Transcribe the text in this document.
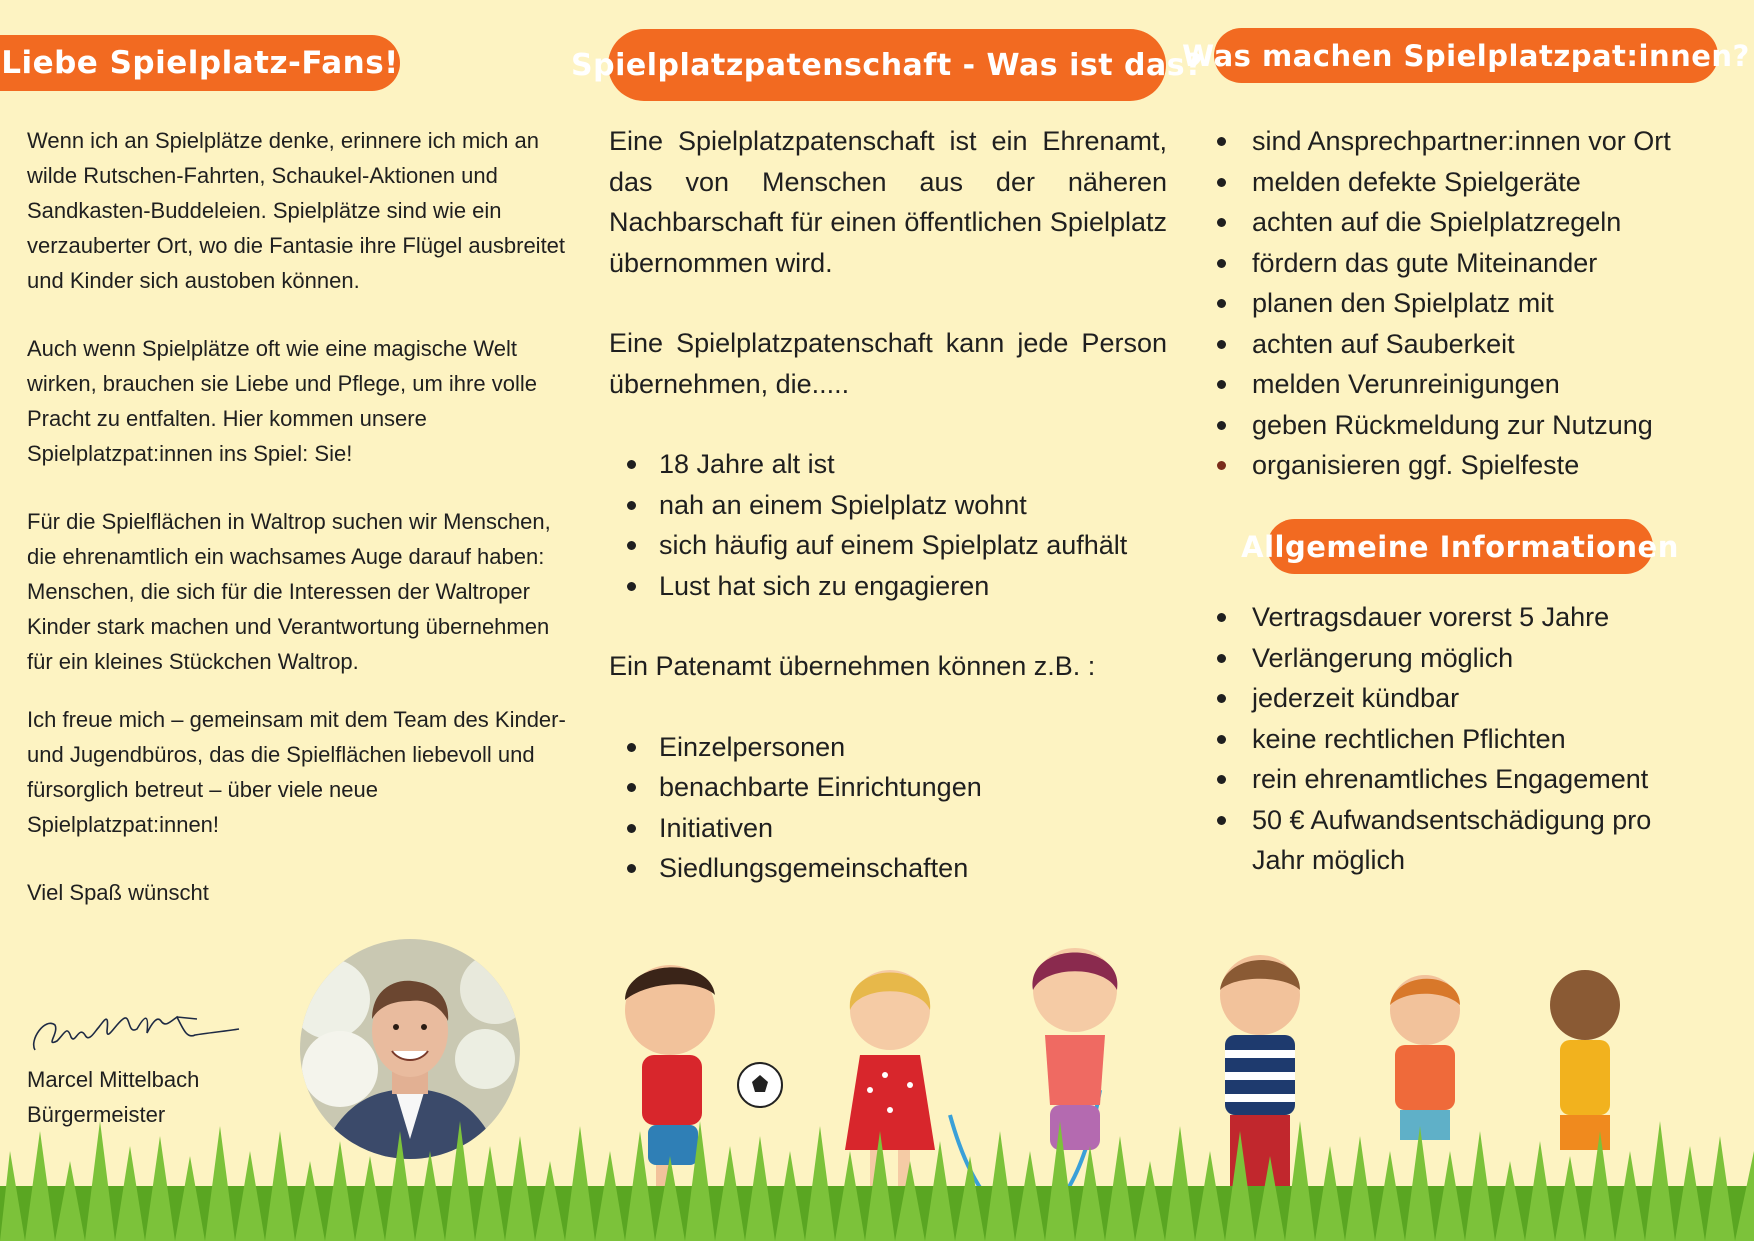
Liebe Spielplatz-Fans!

Wenn ich an Spielplätze denke, erinnere ich mich an wilde Rutschen-Fahrten, Schaukel-Aktionen und Sandkasten-Buddeleien. Spielplätze sind wie ein verzauberter Ort, wo die Fantasie ihre Flügel ausbreitet und Kinder sich austoben können.

Auch wenn Spielplätze oft wie eine magische Welt wirken, brauchen sie Liebe und Pflege, um ihre volle Pracht zu entfalten. Hier kommen unsere Spielplatzpat:innen ins Spiel: Sie!

Für die Spielflächen in Waltrop suchen wir Menschen, die ehrenamtlich ein wachsames Auge darauf haben: Menschen, die sich für die Interessen der Waltroper Kinder stark machen und Verantwortung übernehmen für ein kleines Stückchen Waltrop.

Ich freue mich – gemeinsam mit dem Team des Kinder- und Jugendbüros, das die Spielflächen liebevoll und fürsorglich betreut – über viele neue Spielplatzpat:innen!

Viel Spaß wünscht

Marcel Mittelbach

Bürgermeister

Spielplatzpatenschaft - Was ist das?

Eine Spielplatzpatenschaft ist ein Ehrenamt, das von Menschen aus der näheren Nachbarschaft für einen öffentlichen Spielplatz übernommen wird.

Eine Spielplatzpatenschaft kann jede Person übernehmen, die.....

18 Jahre alt ist
nah an einem Spielplatz wohnt
sich häufig auf einem Spielplatz aufhält
Lust hat sich zu engagieren

Ein Patenamt übernehmen können z.B. :

Einzelpersonen
benachbarte Einrichtungen
Initiativen
Siedlungsgemeinschaften
Was machen Spielplatzpat:innen?
sind Ansprechpartner:innen vor Ort
melden defekte Spielgeräte
achten auf die Spielplatzregeln
fördern das gute Miteinander
planen den Spielplatz mit
achten auf Sauberkeit
melden Verunreinigungen
geben Rückmeldung zur Nutzung
organisieren ggf. Spielfeste
Allgemeine Informationen
Vertragsdauer vorerst 5 Jahre
Verlängerung möglich
jederzeit kündbar
keine rechtlichen Pflichten
rein ehrenamtliches Engagement
50 € Aufwandsentschädigung pro Jahr möglich
